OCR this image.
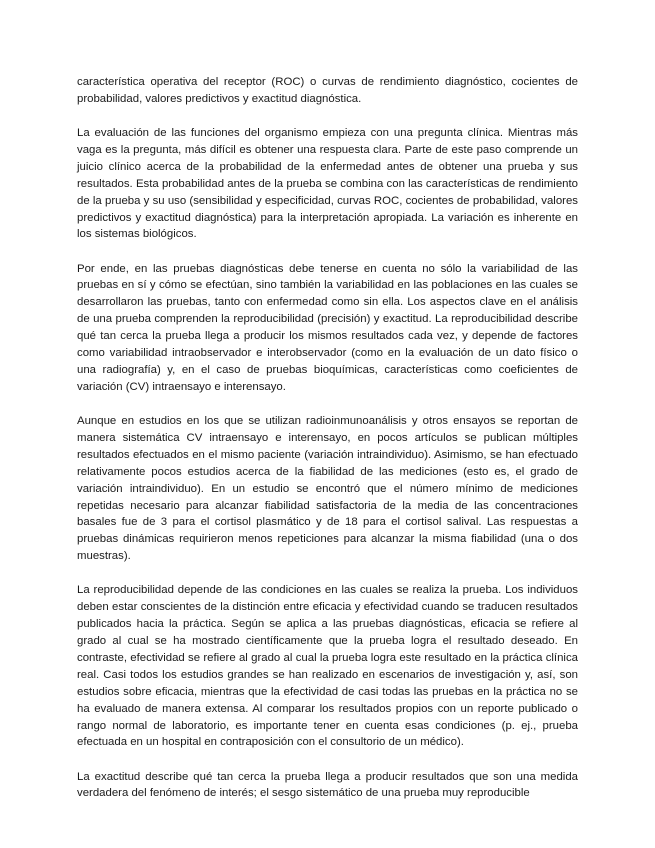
característica operativa del receptor (ROC) o curvas de rendimiento diagnóstico, cocientes de probabilidad, valores predictivos y exactitud diagnóstica.

La evaluación de las funciones del organismo empieza con una pregunta clínica. Mientras más vaga es la pregunta, más difícil es obtener una respuesta clara. Parte de este paso comprende un juicio clínico acerca de la probabilidad de la enfermedad antes de obtener una prueba y sus resultados. Esta probabilidad antes de la prueba se combina con las características de rendimiento de la prueba y su uso (sensibilidad y especificidad, curvas ROC, cocientes de probabilidad, valores predictivos y exactitud diagnóstica) para la interpretación apropiada. La variación es inherente en los sistemas biológicos.

Por ende, en las pruebas diagnósticas debe tenerse en cuenta no sólo la variabilidad de las pruebas en sí y cómo se efectúan, sino también la variabilidad en las poblaciones en las cuales se desarrollaron las pruebas, tanto con enfermedad como sin ella. Los aspectos clave en el análisis de una prueba comprenden la reproducibilidad (precisión) y exactitud. La reproducibilidad describe qué tan cerca la prueba llega a producir los mismos resultados cada vez, y depende de factores como variabilidad intraobservador e interobservador (como en la evaluación de un dato físico o una radiografía) y, en el caso de pruebas bioquímicas, características como coeficientes de variación (CV) intraensayo e interensayo.

Aunque en estudios en los que se utilizan radioinmunoanálisis y otros ensayos se reportan de manera sistemática CV intraensayo e interensayo, en pocos artículos se publican múltiples resultados efectuados en el mismo paciente (variación intraindividuo). Asimismo, se han efectuado relativamente pocos estudios acerca de la fiabilidad de las mediciones (esto es, el grado de variación intraindividuo). En un estudio se encontró que el número mínimo de mediciones repetidas necesario para alcanzar fiabilidad satisfactoria de la media de las concentraciones basales fue de 3 para el cortisol plasmático y de 18 para el cortisol salival. Las respuestas a pruebas dinámicas requirieron menos repeticiones para alcanzar la misma fiabilidad (una o dos muestras).

La reproducibilidad depende de las condiciones en las cuales se realiza la prueba. Los individuos deben estar conscientes de la distinción entre eficacia y efectividad cuando se traducen resultados publicados hacia la práctica. Según se aplica a las pruebas diagnósticas, eficacia se refiere al grado al cual se ha mostrado científicamente que la prueba logra el resultado deseado. En contraste, efectividad se refiere al grado al cual la prueba logra este resultado en la práctica clínica real. Casi todos los estudios grandes se han realizado en escenarios de investigación y, así, son estudios sobre eficacia, mientras que la efectividad de casi todas las pruebas en la práctica no se ha evaluado de manera extensa. Al comparar los resultados propios con un reporte publicado o rango normal de laboratorio, es importante tener en cuenta esas condiciones (p. ej., prueba efectuada en un hospital en contraposición con el consultorio de un médico).

La exactitud describe qué tan cerca la prueba llega a producir resultados que son una medida verdadera del fenómeno de interés; el sesgo sistemático de una prueba muy reproducible
